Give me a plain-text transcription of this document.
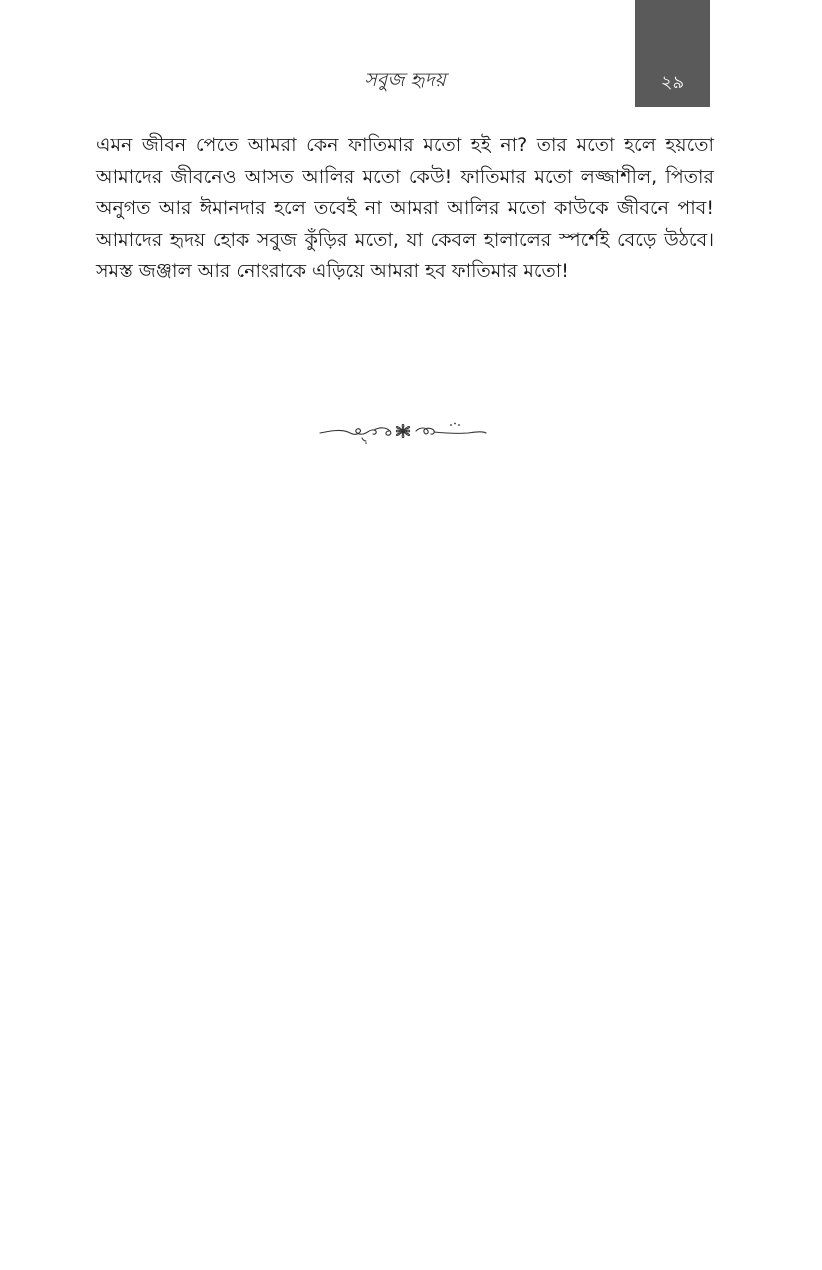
সবুজ হৃদয়	২৯

এমন জীবন পেতে আমরা কেন ফাতিমার মতো হই না? তার মতো হলে হয়তো আমাদের জীবনেও আসত আলির মতো কেউ! ফাতিমার মতো লজ্জাশীল, পিতার অনুগত আর ঈমানদার হলে তবেই না আমরা আলির মতো কাউকে জীবনে পাব! আমাদের হৃদয় হোক সবুজ কুঁড়ির মতো, যা কেবল হালালের স্পর্শেই বেড়ে উঠবে। সমস্ত জঞ্জাল আর নোংরাকে এড়িয়ে আমরা হব ফাতিমার মতো!
